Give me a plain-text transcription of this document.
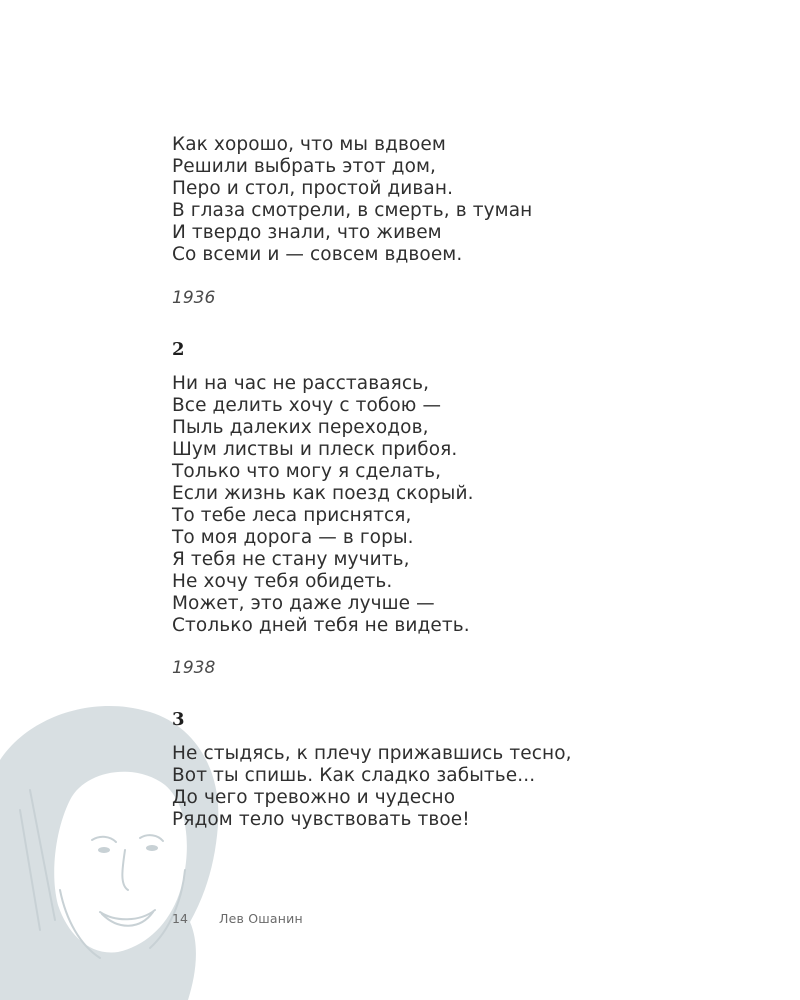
Как хорошо, что мы вдвоем
Решили выбрать этот дом,
Перо и стол, простой диван.
В глаза смотрели, в смерть, в туман
И твердо знали, что живем
Со всеми и — совсем вдвоем.
1936
2
Ни на час не расставаясь,
Все делить хочу с тобою —
Пыль далеких переходов,
Шум листвы и плеск прибоя.
Только что могу я сделать,
Если жизнь как поезд скорый.
То тебе леса приснятся,
То моя дорога — в горы.
Я тебя не стану мучить,
Не хочу тебя обидеть.
Может, это даже лучше —
Столько дней тебя не видеть.
1938
3
Не стыдясь, к плечу прижавшись тесно,
Вот ты спишь. Как сладко забытье...
До чего тревожно и чудесно
Рядом тело чувствовать твое!
14 Лев Ошанин
